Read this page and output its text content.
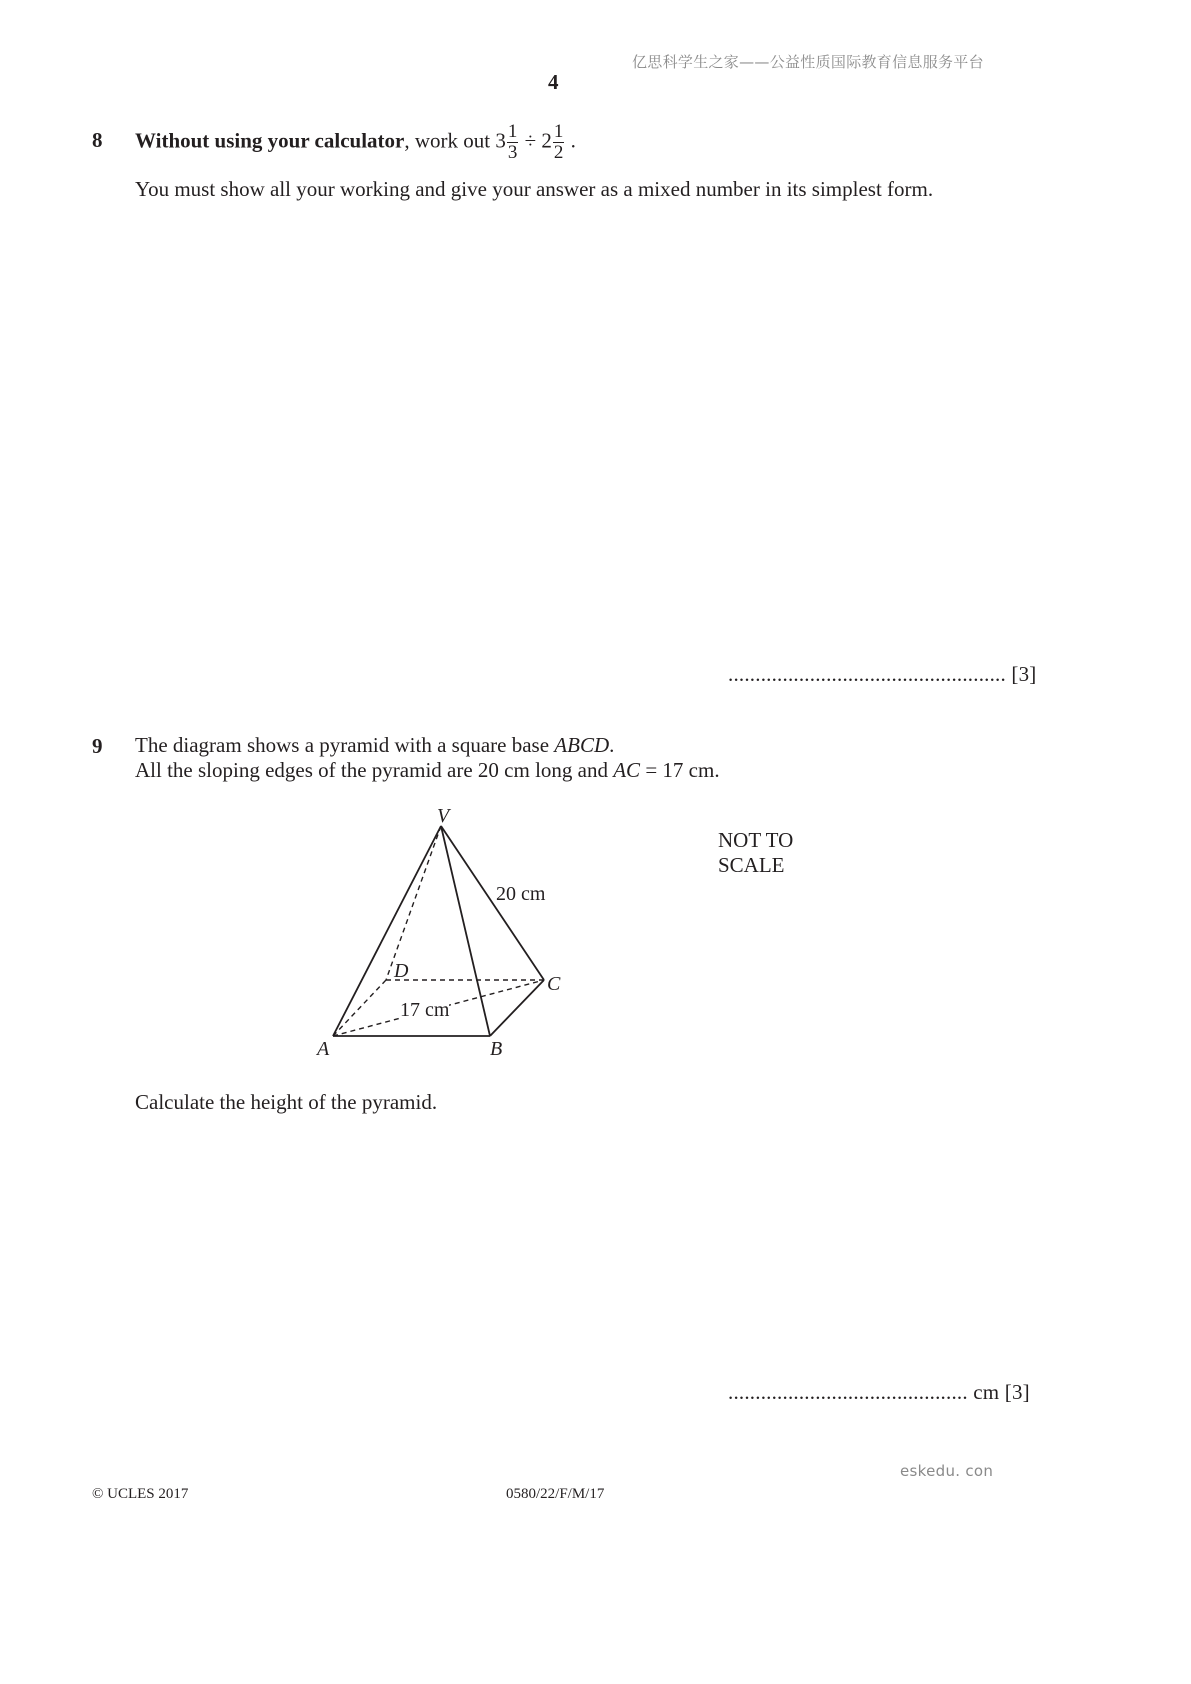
亿思科学生之家——公益性质国际教育信息服务平台
4
8 Without using your calculator, work out $3 \frac{1}{3} \div 2 \frac{1}{2}$ .
You must show all your working and give your answer as a mixed number in its simplest form.
................................................... [3]
9 The diagram shows a pyramid with a square base ABCD.
All the sloping edges of the pyramid are 20 cm long and AC = 17 cm.
V
A	B
C
D
20 cm
17 cm
NOT TO
SCALE
Calculate the height of the pyramid.
............................................ cm [3]
eskedu. con
© UCLES 2017	0580/22/F/M/17
